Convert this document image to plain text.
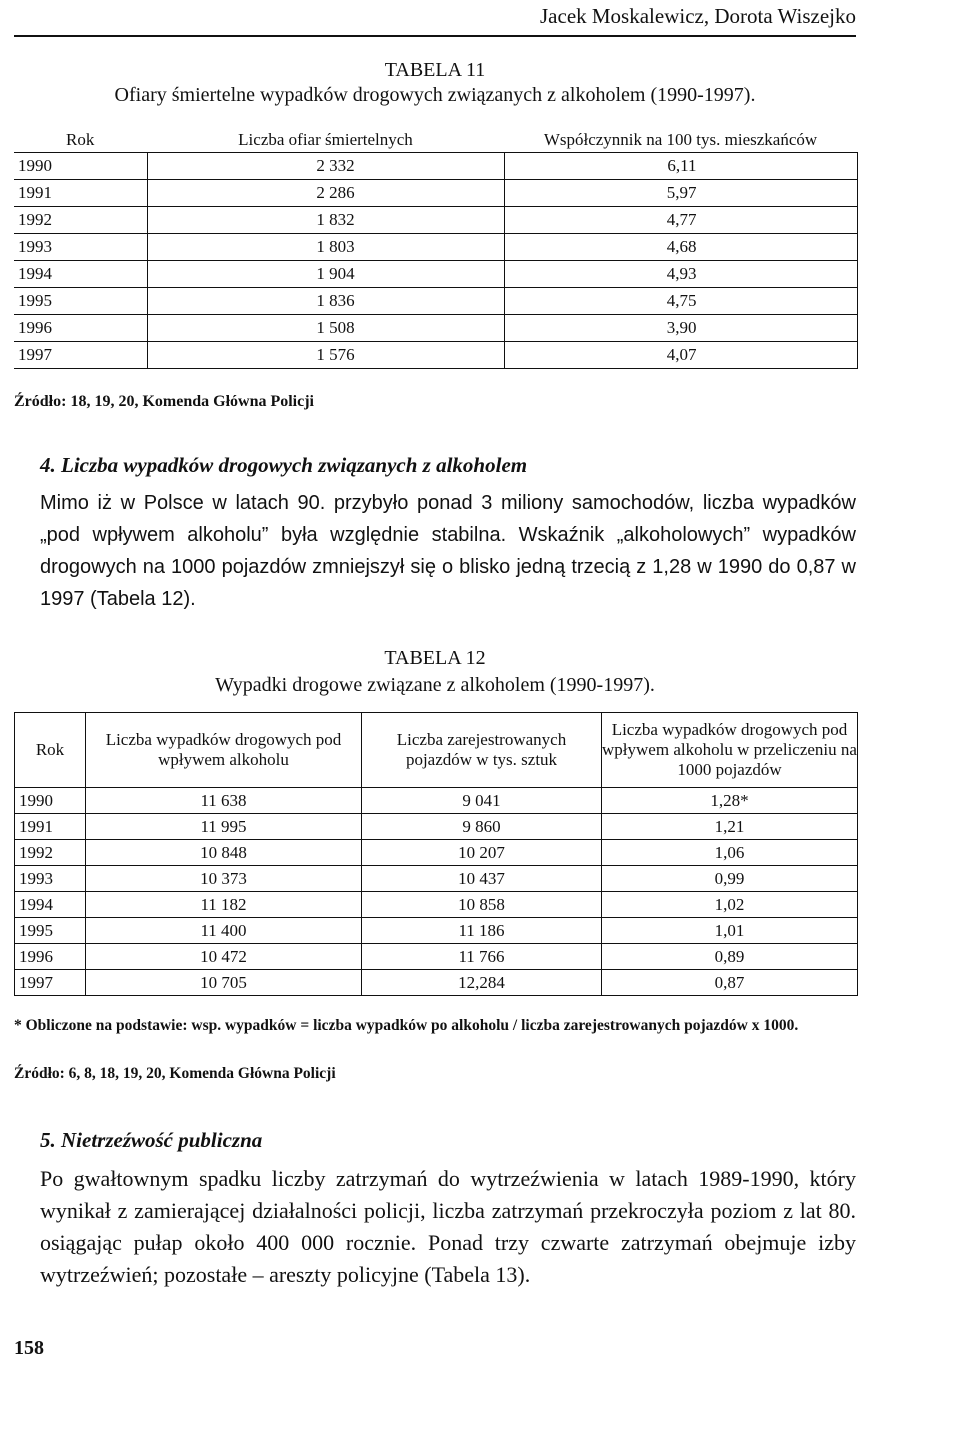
Jacek Moskalewicz, Dorota Wiszejko
TABELA 11
Ofiary śmiertelne wypadków drogowych związanych z alkoholem (1990-1997).
Rok	Liczba ofiar śmiertelnych	Współczynnik na 100 tys. mieszkańców
1990	2 332	6,11
1991	2 286	5,97
1992	1 832	4,77
1993	1 803	4,68
1994	1 904	4,93
1995	1 836	4,75
1996	1 508	3,90
1997	1 576	4,07
Źródło: 18, 19, 20, Komenda Główna Policji
4. Liczba wypadków drogowych związanych z alkoholem
Mimo iż w Polsce w latach 90. przybyło ponad 3 miliony samochodów, liczba wypadków „pod wpływem alkoholu” była względnie stabilna. Wskaźnik „alkoholowych” wypadków drogowych na 1000 pojazdów zmniejszył się o blisko jedną trzecią z 1,28 w 1990 do 0,87 w 1997 (Tabela 12).
TABELA 12
Wypadki drogowe związane z alkoholem (1990-1997).
Rok	Liczba wypadków drogowych pod wpływem alkoholu	Liczba zarejestrowanych pojazdów w tys. sztuk	Liczba wypadków drogowych pod wpływem alkoholu w przeliczeniu na 1000 pojazdów
1990	11 638	9 041	1,28*
1991	11 995	9 860	1,21
1992	10 848	10 207	1,06
1993	10 373	10 437	0,99
1994	11 182	10 858	1,02
1995	11 400	11 186	1,01
1996	10 472	11 766	0,89
1997	10 705	12,284	0,87
* Obliczone na podstawie: wsp. wypadków = liczba wypadków po alkoholu / liczba zarejestrowanych pojazdów x 1000.
Źródło: 6, 8, 18, 19, 20, Komenda Główna Policji
5. Nietrzeźwość publiczna
Po gwałtownym spadku liczby zatrzymań do wytrzeźwienia w latach 1989-1990, który wynikał z zamierającej działalności policji, liczba zatrzymań przekroczyła poziom z lat 80. osiągając pułap około 400 000 rocznie. Ponad trzy czwarte zatrzymań obejmuje izby wytrzeźwień; pozostałe – areszty policyjne (Tabela 13).
158
